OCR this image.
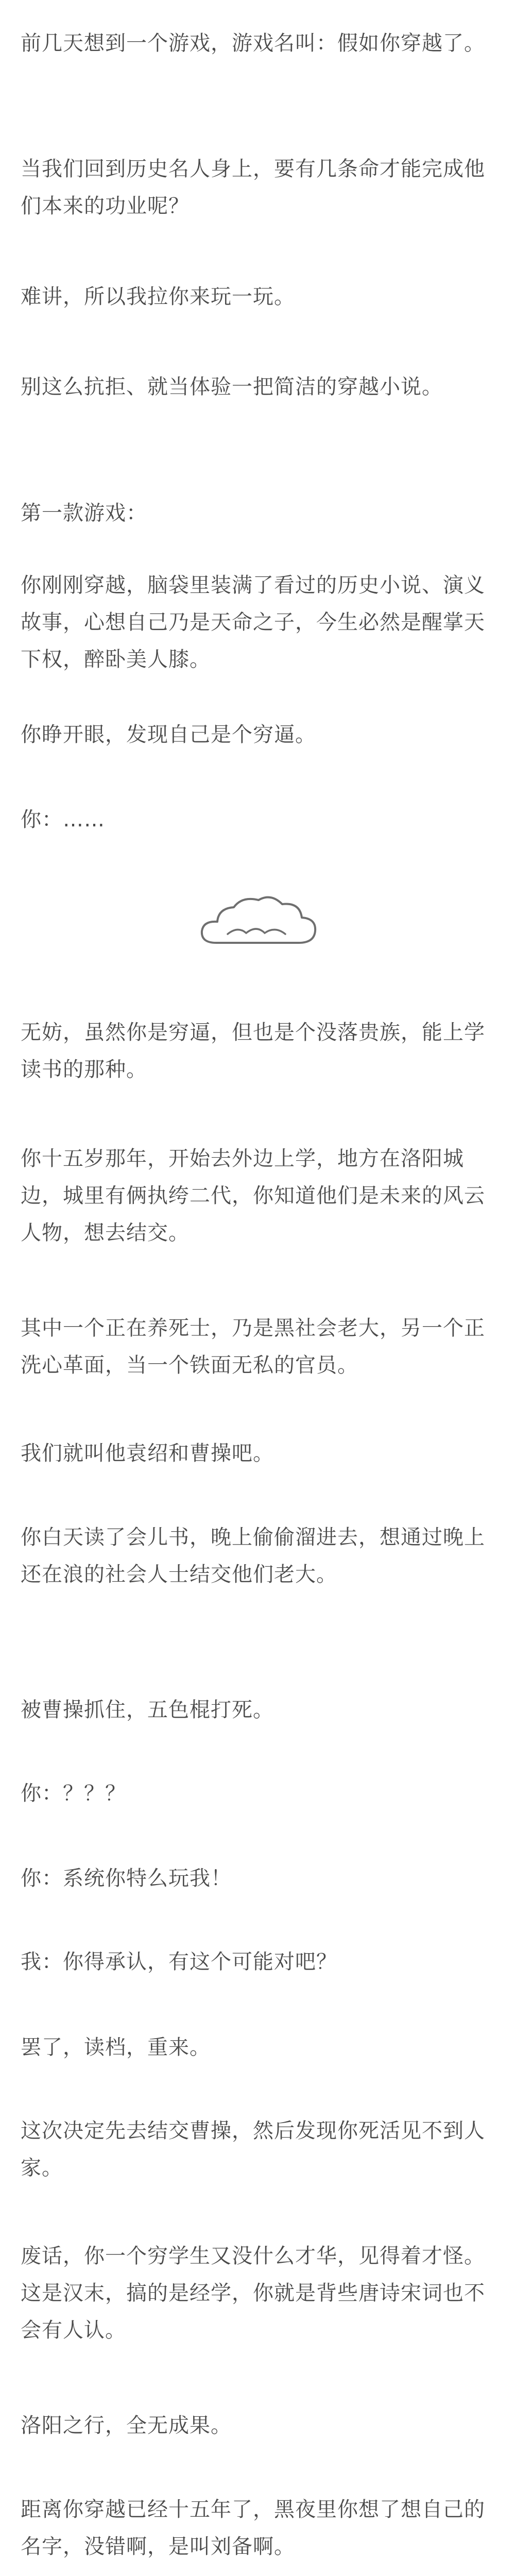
前几天想到一个游戏，游戏名叫：假如你穿越了。

当我们回到历史名人身上，要有几条命才能完成他们本来的功业呢？

难讲，所以我拉你来玩一玩。

别这么抗拒、就当体验一把简洁的穿越小说。

第一款游戏：

你刚刚穿越，脑袋里装满了看过的历史小说、演义故事，心想自己乃是天命之子，今生必然是醒掌天下权，醉卧美人膝。

你睁开眼，发现自己是个穷逼。

你：……

无妨，虽然你是穷逼，但也是个没落贵族，能上学读书的那种。

你十五岁那年，开始去外边上学，地方在洛阳城边，城里有俩执绔二代，你知道他们是未来的风云人物，想去结交。

其中一个正在养死士，乃是黑社会老大，另一个正洗心革面，当一个铁面无私的官员。

我们就叫他袁绍和曹操吧。

你白天读了会儿书，晚上偷偷溜进去，想通过晚上还在浪的社会人士结交他们老大。

被曹操抓住，五色棍打死。

你：？？？

你：系统你特么玩我！

我：你得承认，有这个可能对吧？

罢了，读档，重来。

这次决定先去结交曹操，然后发现你死活见不到人家。

废话，你一个穷学生又没什么才华，见得着才怪。这是汉末，搞的是经学，你就是背些唐诗宋词也不会有人认。

洛阳之行，全无成果。

距离你穿越已经十五年了，黑夜里你想了想自己的名字，没错啊，是叫刘备啊。
